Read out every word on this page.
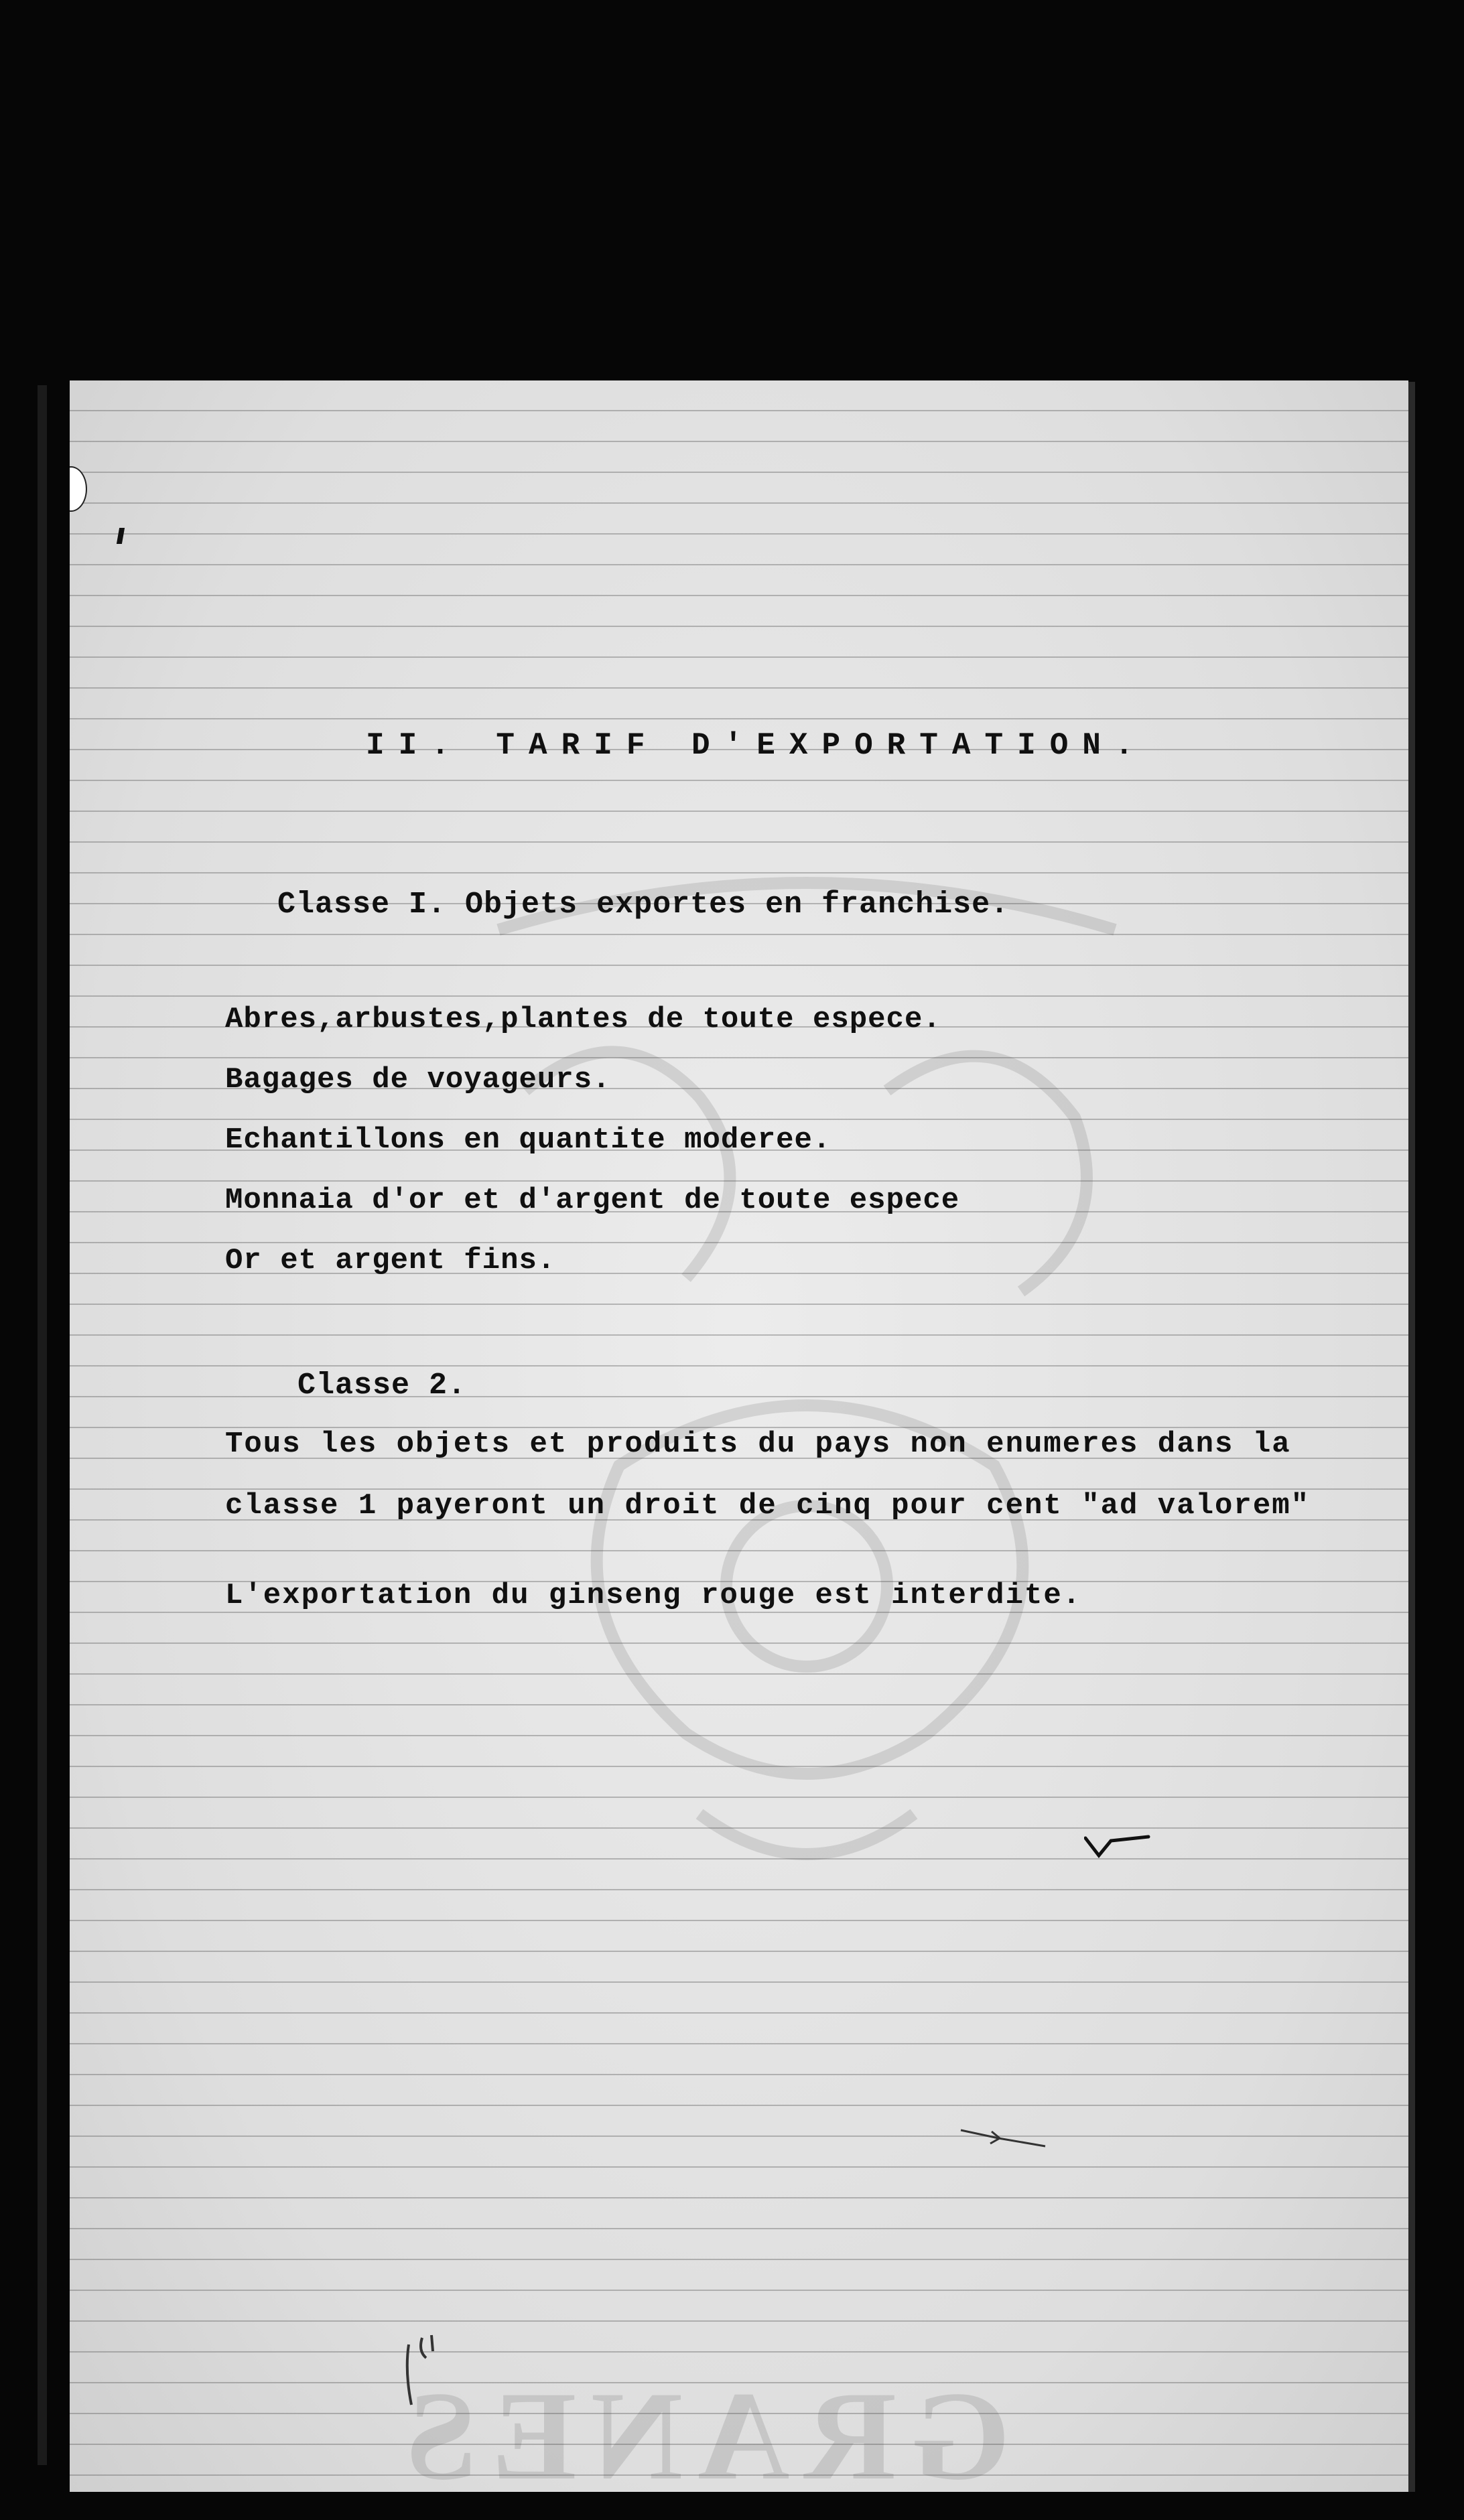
GRANES
II. TARIF D'EXPORTATION.
Classe I. Objets exportes en franchise.
Abres,arbustes,plantes de toute espece.
Bagages de voyageurs.
Echantillons en quantite moderee.
Monnaia d'or et d'argent de toute espece
Or et argent fins.
Classe 2.
Tous les objets et produits du pays non enumeres dans la
classe 1 payeront un droit de cinq pour cent "ad valorem"
L'exportation du ginseng rouge est interdite.
